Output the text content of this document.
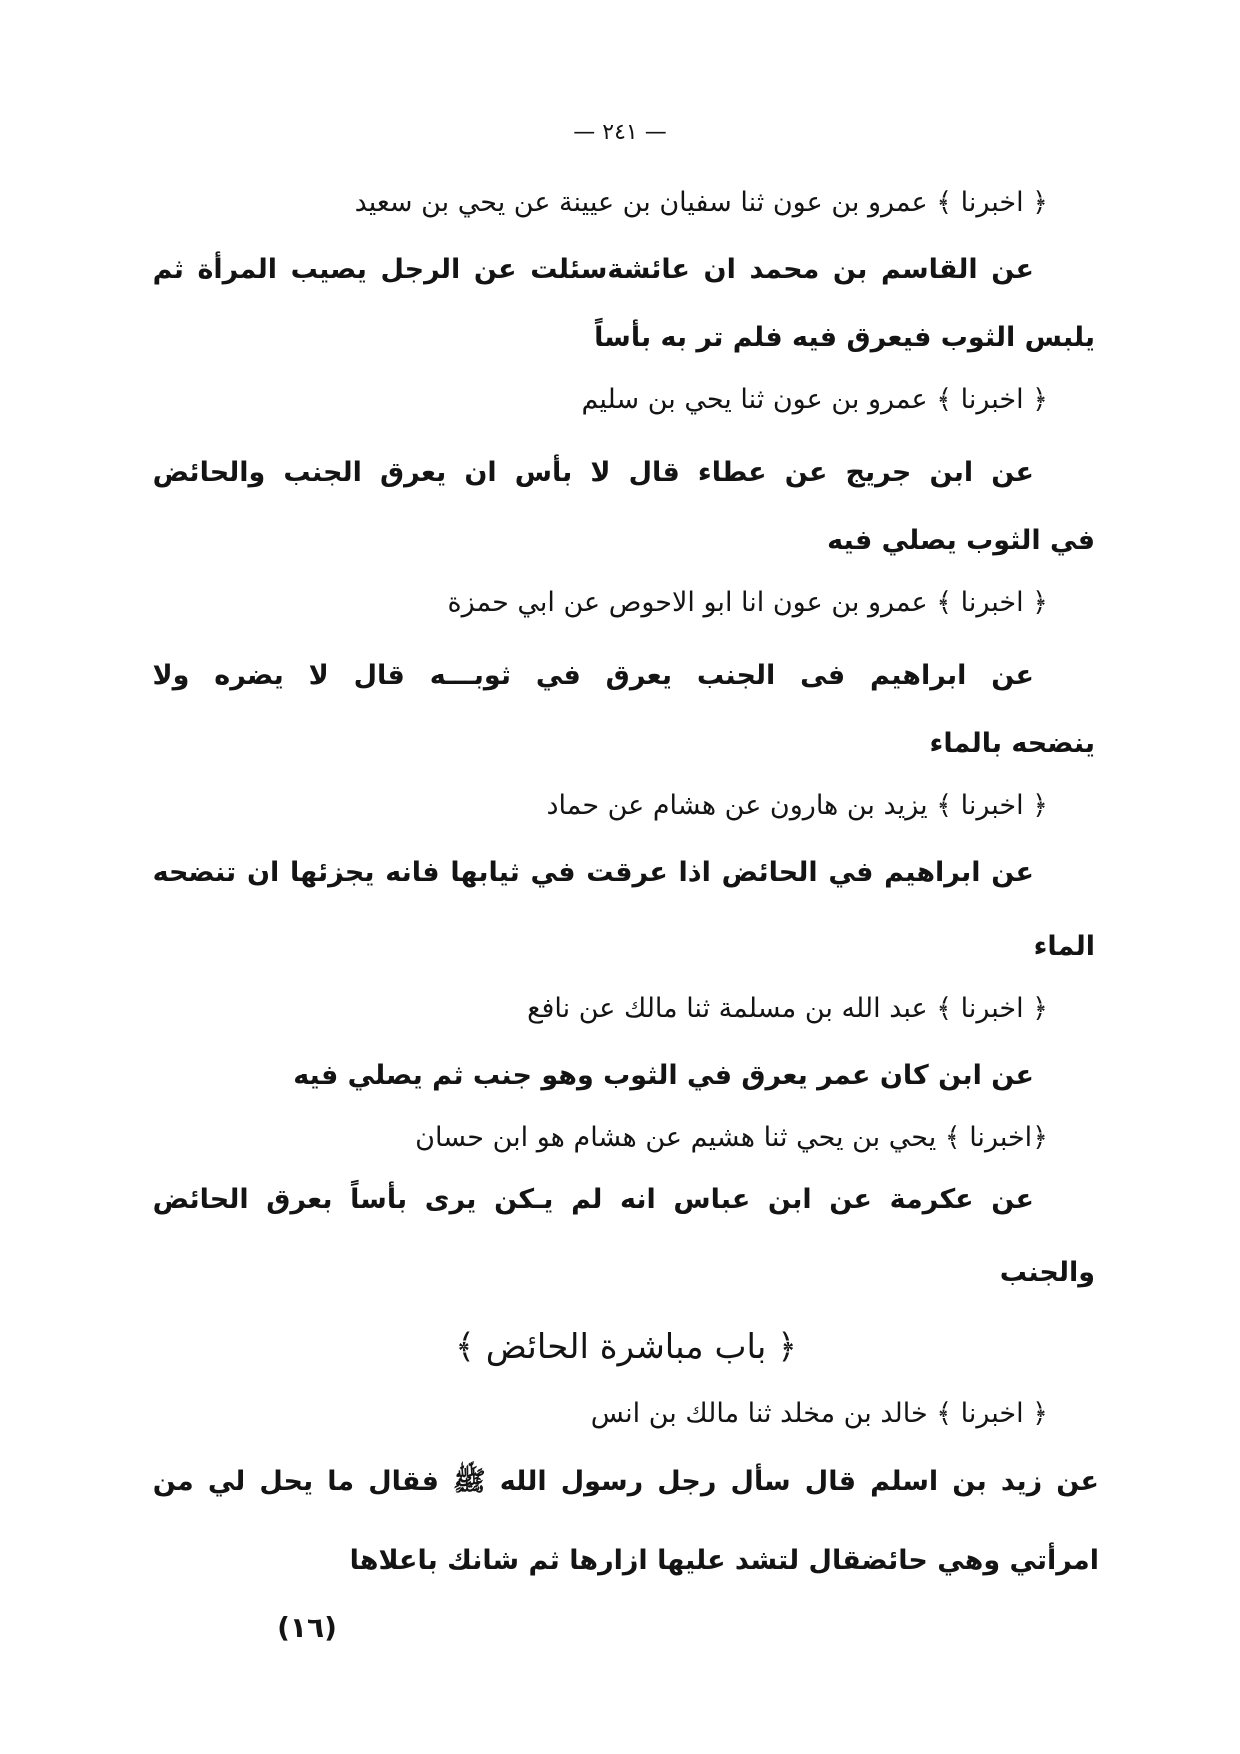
— ٢٤١ —
﴿ اخبرنا ﴾ عمرو بن عون ثنا سفيان بن عيينة عن يحي بن سعيد
عن القاسم بن محمد ان عائشةسئلت عن الرجل يصيب المرأة ثم
يلبس الثوب فيعرق فيه فلم تر به بأساً
﴿ اخبرنا ﴾ عمرو بن عون ثنا يحي بن سليم
عن ابن جريج عن عطاء قال لا بأس ان يعرق الجنب والحائض
في الثوب يصلي فيه
﴿ اخبرنا ﴾ عمرو بن عون انا ابو الاحوص عن ابي حمزة
عن ابراهيم فى الجنب يعرق في ثوبـــه قال لا يضره ولا
ينضحه بالماء
﴿ اخبرنا ﴾ يزيد بن هارون عن هشام عن حماد
عن ابراهيم في الحائض اذا عرقت في ثيابها فانه يجزئها ان تنضحه
الماء
﴿ اخبرنا ﴾ عبد الله بن مسلمة ثنا مالك عن نافع
عن ابن كان عمر يعرق في الثوب وهو جنب ثم يصلي فيه
﴿اخبرنا ﴾ يحي بن يحي ثنا هشيم عن هشام هو ابن حسان
عن عكرمة عن ابن عباس انه لم يـكن يرى بأساً بعرق الحائض
والجنب
﴿ باب مباشرة الحائض ﴾
﴿ اخبرنا ﴾ خالد بن مخلد ثنا مالك بن انس
عن زيد بن اسلم قال سأل رجل رسول الله ﷺ فقال ما يحل لي من
امرأتي وهي حائضقال لتشد عليها ازارها ثم شانك باعلاها
(١٦)
